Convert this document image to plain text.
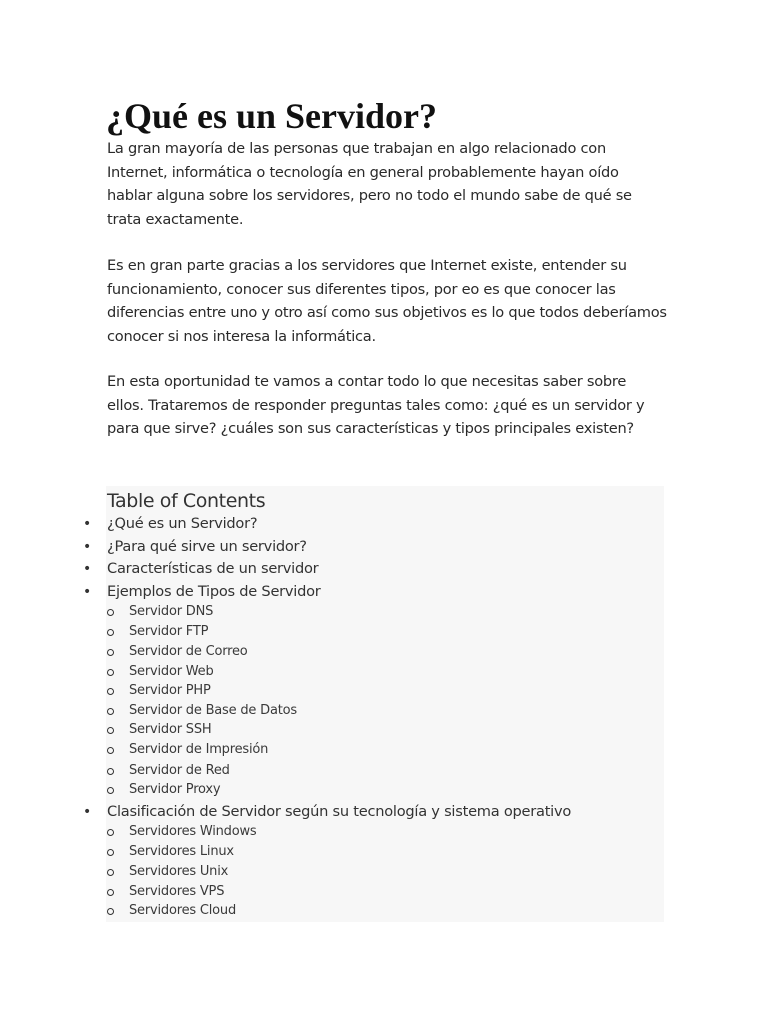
¿Qué es un Servidor?

La gran mayoría de las personas que trabajan en algo relacionado con Internet, informática o tecnología en general probablemente hayan oído hablar alguna sobre los servidores, pero no todo el mundo sabe de qué se trata exactamente.

Es en gran parte gracias a los servidores que Internet existe, entender su funcionamiento, conocer sus diferentes tipos, por eo es que conocer las diferencias entre uno y otro así como sus objetivos es lo que todos deberíamos conocer si nos interesa la informática.

En esta oportunidad te vamos a contar todo lo que necesitas saber sobre ellos. Trataremos de responder preguntas tales como: ¿qué es un servidor y para que sirve? ¿cuáles son sus características y tipos principales existen?

Table of Contents
• ¿Qué es un Servidor?
• ¿Para qué sirve un servidor?
• Características de un servidor
• Ejemplos de Tipos de Servidor
Servidor DNS
Servidor FTP
Servidor de Correo
Servidor Web
Servidor PHP
Servidor de Base de Datos
Servidor SSH
Servidor de Impresión
Servidor de Red
Servidor Proxy
• Clasificación de Servidor según su tecnología y sistema operativo
Servidores Windows
Servidores Linux
Servidores Unix
Servidores VPS
Servidores Cloud
